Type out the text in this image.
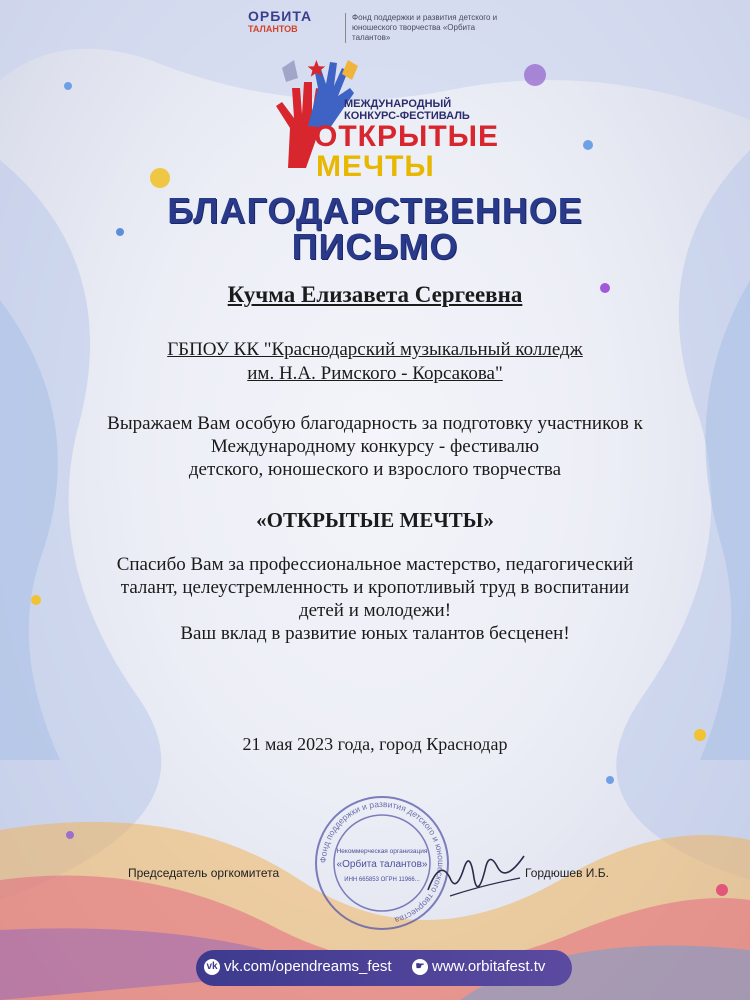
ОРБИТА
ТАЛАНТОВ
Фонд поддержки и развития детского и юношеского творчества «Орбита талантов»
МЕЖДУНАРОДНЫЙ
КОНКУРС-ФЕСТИВАЛЬ
ОТКРЫТЫЕ
МЕЧТЫ
БЛАГОДАРСТВЕННОЕ
ПИСЬМО
Кучма Елизавета Сергеевна
ГБПОУ КК "Краснодарский музыкальный колледж
им. Н.А. Римского - Корсакова"
Выражаем Вам особую благодарность за подготовку участников к
Международному конкурсу - фестивалю
детского, юношеского и взрослого творчества
«ОТКРЫТЫЕ МЕЧТЫ»
Спасибо Вам за профессиональное мастерство, педагогический
талант, целеустремленность и кропотливый труд в воспитании
детей и молодежи!
Ваш вклад в развитие юных талантов бесценен!
21 мая 2023 года, город Краснодар
Председатель оргкомитета	Гордюшев И.Б.
Фонд поддержки и развития детского и юношеского творчества
Некоммерческая организация
«Орбита талантов»
ИНН 665853 ОГРН 11966...
vk vk.com/opendreams_fest	☛ www.orbitafest.tv
